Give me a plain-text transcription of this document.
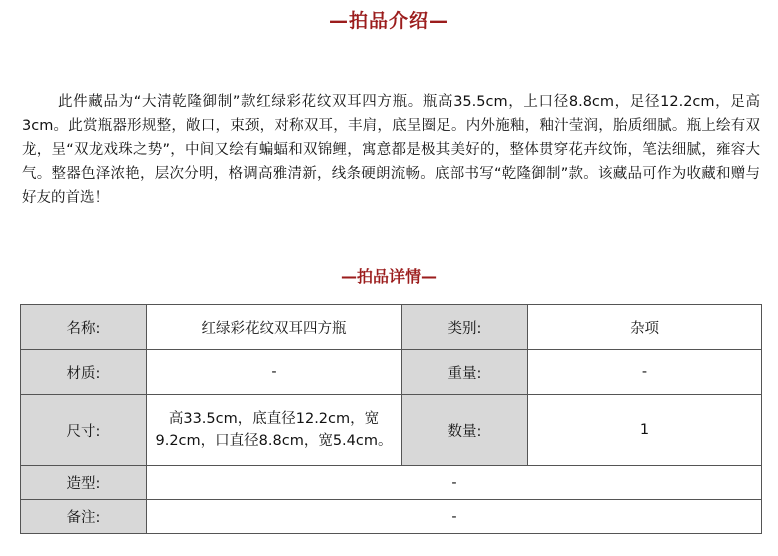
—拍品介绍—
此件藏品为“大清乾隆御制”款红绿彩花纹双耳四方瓶。瓶高35.5cm，上口径8.8cm，足径12.2cm，足高3cm。此赏瓶器形规整，敞口，束颈，对称双耳，丰肩，底呈圈足。内外施釉，釉汁莹润，胎质细腻。瓶上绘有双龙，呈“双龙戏珠之势”，中间又绘有蝙蝠和双锦鲤，寓意都是极其美好的，整体贯穿花卉纹饰，笔法细腻，雍容大气。整器色泽浓艳，层次分明，格调高雅清新，线条硬朗流畅。底部书写“乾隆御制”款。该藏品可作为收藏和赠与好友的首选！
—拍品详情—
名称:	红绿彩花纹双耳四方瓶	类别:	杂项
材质:	-	重量:	-
尺寸:	高33.5cm，底直径12.2cm，宽9.2cm，口直径8.8cm，宽5.4cm。	数量:	1
造型:	-		
备注:	-		
